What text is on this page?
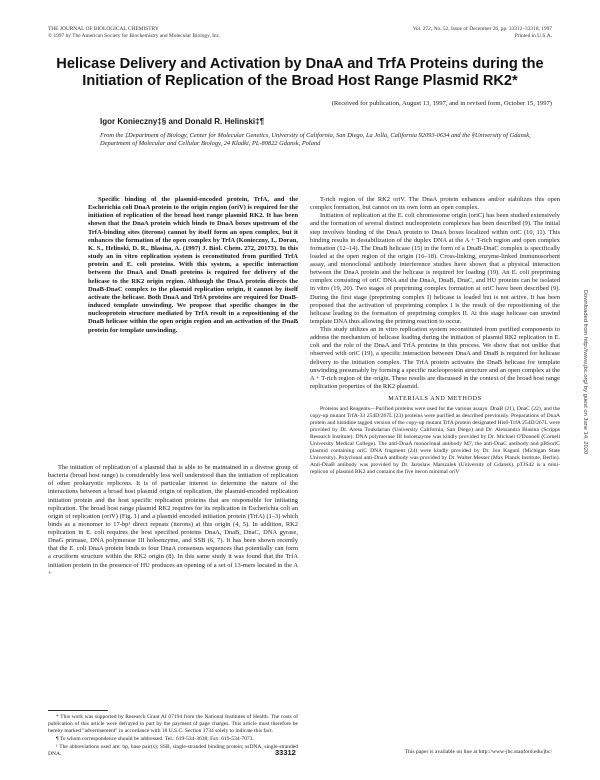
THE JOURNAL OF BIOLOGICAL CHEMISTRY
© 1997 by The American Society for Biochemistry and Molecular Biology, Inc.
Vol. 272, No. 52, Issue of December 26, pp. 33312–33318, 1997
Printed in U.S.A.
Helicase Delivery and Activation by DnaA and TrfA Proteins during the Initiation of Replication of the Broad Host Range Plasmid RK2*
(Received for publication, August 13, 1997, and in revised form, October 15, 1997)
Igor Konieczny‡§ and Donald R. Helinski‡¶
From the ‡Department of Biology, Center for Molecular Genetics, University of California, San Diego, La Jolla, California 92093-0634 and the §University of Gdansk, Department of Molecular and Cellular Biology, 24 Kladki, PL-80822 Gdansk, Poland

Specific binding of the plasmid-encoded protein, TrfA, and the Escherichia coli DnaA protein to the origin region (oriV) is required for the initiation of replication of the broad host range plasmid RK2. It has been shown that the DnaA protein which binds to DnaA boxes upstream of the TrfA-binding sites (iterons) cannot by itself form an open complex, but it enhances the formation of the open complex by TrfA (Konieczny, I., Doran, K. S., Helinski, D. R., Blasina, A. (1997) J. Biol. Chem. 272, 20173). In this study an in vitro replication system is reconstituted from purified TrfA protein and E. coli proteins. With this system, a specific interaction between the DnaA and DnaB proteins is required for delivery of the helicase to the RK2 origin region. Although the DnaA protein directs the DnaB-DnaC complex to the plasmid replication origin, it cannot by itself activate the helicase. Both DnaA and TrfA proteins are required for DnaB-induced template unwinding. We propose that specific changes in the nucleoprotein structure mediated by TrfA result in a repositioning of the DnaB helicase within the open origin region and an activation of the DnaB protein for template unwinding.

The initiation of replication of a plasmid that is able to be maintained in a diverse group of bacteria (broad host range) is considerably less well understood than the initiation of replication of other prokaryotic replicons. It is of particular interest to determine the nature of the interactions between a broad host plasmid origin of replication, the plasmid-encoded replication initiation protein and the host specific replication proteins that are responsible for initiating replication. The broad host range plasmid RK2 requires for its replication in Escherichia coli an origin of replication (oriV) (Fig. 1) and a plasmid encoded initiation protein (TrfA) (1–3) which binds as a monomer to 17-bp¹ direct repeats (iterons) at this origin (4, 5). In addition, RK2 replication in E. coli requires the host specified proteins DnaA, DnaB, DnaC, DNA gyrase, DnaG primase, DNA polymerase III holoenzyme, and SSB (6, 7). It has been shown recently that the E. coli DnaA protein binds to four DnaA consensus sequences that potentially can form a cruciform structure within the RK2 origin (8). In this same study it was found that the TrfA initiation protein in the presence of HU produces an opening of a set of 13-mers located in the A +

T-rich region of the RK2 oriV. The DnaA protein enhances and/or stabilizes this open complex formation, but cannot on its own form an open complex.

Initiation of replication at the E. coli chromosome origin (oriC) has been studied extensively and the formation of several distinct nucleoprotein complexes has been described (9). The initial step involves binding of the DnaA protein to DnaA boxes localized within oriC (10, 11). This binding results in destabilization of the duplex DNA at the A + T-rich region and open complex formation (12–14). The DnaB helicase (15) in the form of a DnaB-DnaC complex is specifically loaded at the open region of the origin (16–18). Cross-linking, enzyme-linked immunosorbent assay, and monoclonal antibody interference studies have shown that a physical interaction between the DnaA protein and the helicase is required for loading (19). An E. coli prepriming complex consisting of oriC DNA and the DnaA, DnaB, DnaC, and HU proteins can be isolated in vitro (19, 20). Two stages of prepriming complex formation at oriC have been described (9). During the first stage (prepriming complex I) helicase is loaded but is not active. It has been proposed that the activation of prepriming complex I is the result of the repositioning of the helicase leading to the formation of prepriming complex II. At this stage helicase can unwind template DNA thus allowing the priming reaction to occur.

This study utilizes an in vitro replication system reconstituted from purified components to address the mechanism of helicase loading during the initiation of plasmid RK2 replication in E. coli and the role of the DnaA and TrfA proteins in this process. We show that not unlike that observed with oriC (19), a specific interaction between DnaA and DnaB is required for helicase delivery to the initiation complex. The TrfA protein activates the DnaB helicase for template unwinding presumably by forming a specific nucleoprotein structure and an open complex at the A + T-rich region of the origin. These results are discussed in the context of the broad host range replication properties of the RK2 plasmid.

MATERIALS AND METHODS

Proteins and Reagents—Purified proteins were used for the various assays. DnaB (21), DnaC (22), and the copy-up mutant TrfA-33 254D/267L (23) proteins were purified as described previously. Preparations of DnaA protein and histidine tagged version of the copy-up mutant TrfA protein designated His6-TrfA 254D/267L were provided by Dr. Aresa Toukdarian (University California, San Diego) and Dr. Alessandra Blasina (Scripps Research Institute). DNA polymerase III holoenzyme was kindly provided by Dr. Michael O'Donnell (Cornell University Medical College). The anti-DnaA monoclonal antibody M7, the anti-DnaC antibody and pBSoriC plasmid containing oriC DNA fragment (24) were kindly provided by Dr. Jon Kaguni (Michigan State University). Polyclonal anti-DnaA antibody was provided by Dr. Walter Messer (Max Planck Institute, Berlin). Anti-DnaB antibody was provided by Dr. Jaroslaw Marszalek (University of Gdansk). pTJS42 is a mini-replicon of plasmid RK2 and contains the five iteron minimal oriV

* This work was supported by Research Grant AI 07194 from the National Institutes of Health. The costs of publication of this article were defrayed in part by the payment of page charges. This article must therefore be hereby marked "advertisement" in accordance with 18 U.S.C. Section 1734 solely to indicate this fact.

¶ To whom correspondence should be addressed. Tel.: 619-534-3638; Fax: 619-534-7073.

¹ The abbreviations used are: bp, base pair(s); SSB, single-stranded binding protein; ssDNA, single-stranded DNA.	33312	This paper is available on line at http://www-jbc.stanford.edu/jbc/
Downloaded from http://www.jbc.org/ by guest on June 14, 2020
